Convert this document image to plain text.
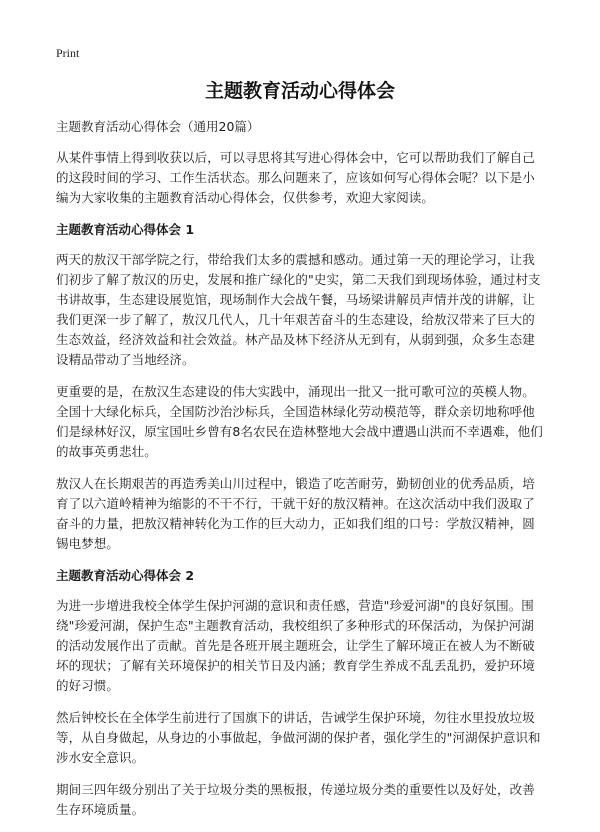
Print
主题教育活动心得体会

主题教育活动心得体会（通用20篇）

从某件事情上得到收获以后，可以寻思将其写进心得体会中，它可以帮助我们了解自己的这段时间的学习、工作生活状态。那么问题来了，应该如何写心得体会呢？以下是小编为大家收集的主题教育活动心得体会，仅供参考，欢迎大家阅读。

主题教育活动心得体会 1

两天的敖汉干部学院之行，带给我们太多的震撼和感动。通过第一天的理论学习，让我们初步了解了敖汉的历史，发展和推广绿化的"史实，第二天我们到现场体验，通过村支书讲故事，生态建设展览馆，现场制作大会战午餐，马场梁讲解员声情并茂的讲解，让我们更深一步了解了，敖汉几代人，几十年艰苦奋斗的生态建设，给敖汉带来了巨大的生态效益，经济效益和社会效益。林产品及林下经济从无到有，从弱到强，众多生态建设精品带动了当地经济。

更重要的是，在敖汉生态建设的伟大实践中，涌现出一批又一批可歌可泣的英模人物。全国十大绿化标兵，全国防沙治沙标兵，全国造林绿化劳动模范等，群众亲切地称呼他们是绿林好汉，原宝国吐乡曾有8名农民在造林整地大会战中遭遇山洪而不幸遇难，他们的故事英勇悲壮。

敖汉人在长期艰苦的再造秀美山川过程中，锻造了吃苦耐劳，勤韧创业的优秀品质，培育了以六道岭精神为缩影的不干不行，干就干好的敖汉精神。在这次活动中我们汲取了奋斗的力量，把敖汉精神转化为工作的巨大动力，正如我们组的口号：学敖汉精神，圆锡电梦想。

主题教育活动心得体会 2

为进一步增进我校全体学生保护河湖的意识和责任感，营造"珍爱河湖"的良好氛围。围绕"珍爱河湖，保护生态"主题教育活动，我校组织了多种形式的环保活动，为保护河湖的活动发展作出了贡献。首先是各班开展主题班会，让学生了解环境正在被人为不断破坏的现状；了解有关环境保护的相关节日及内涵；教育学生养成不乱丢乱扔，爱护环境的好习惯。

然后钟校长在全体学生前进行了国旗下的讲话，告诫学生保护环境，勿往水里投放垃圾等，从自身做起，从身边的小事做起，争做河湖的保护者，强化学生的"河湖保护意识和涉水安全意识。

期间三四年级分别出了关于垃圾分类的黑板报，传递垃圾分类的重要性以及好处，改善生存环境质量。
